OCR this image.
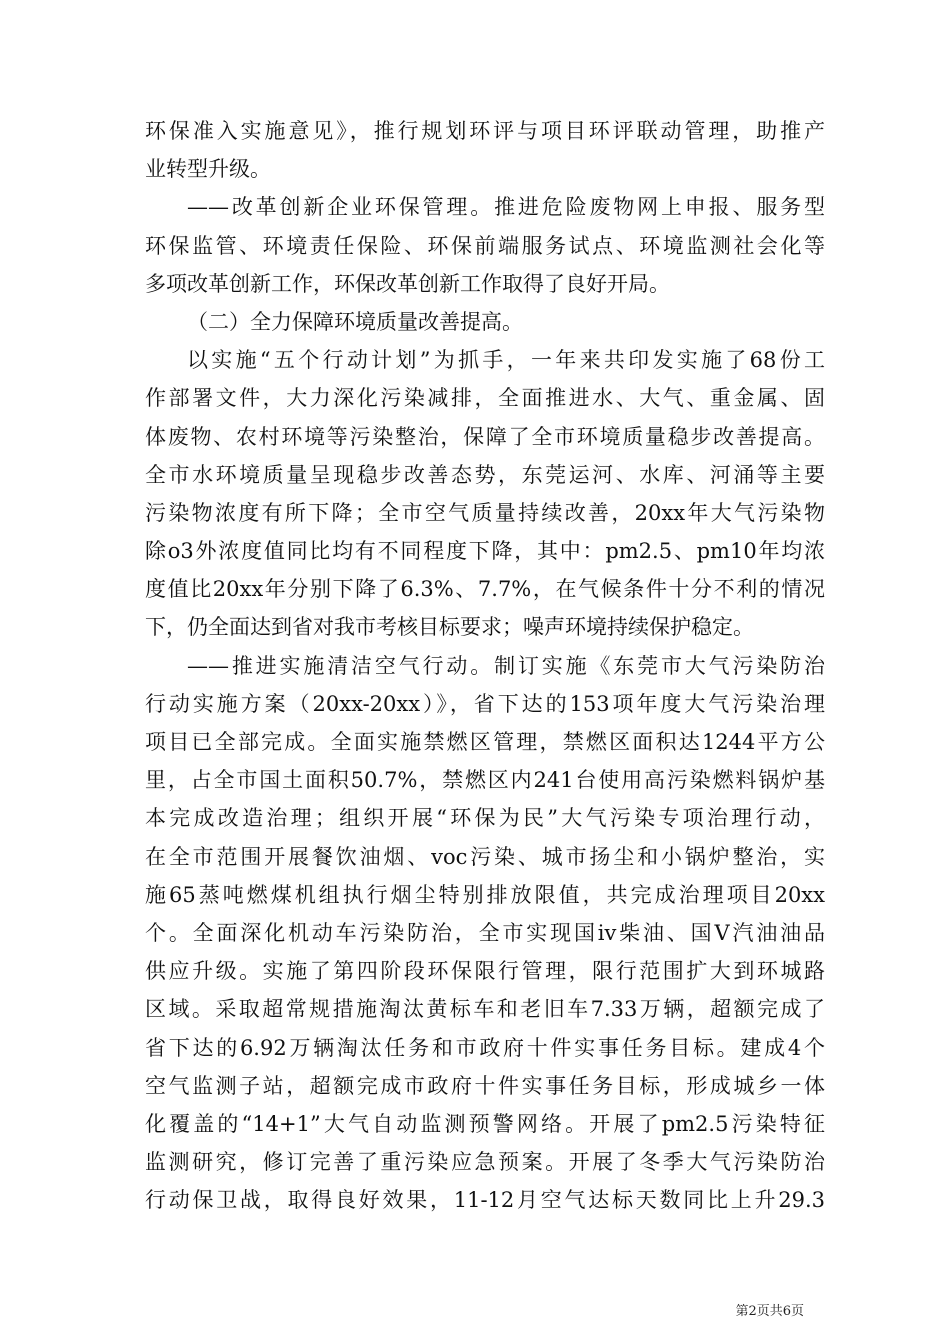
环保准入实施意见》，推行规划环评与项目环评联动管理，助推产
业转型升级。
——改革创新企业环保管理。推进危险废物网上申报、服务型
环保监管、环境责任保险、环保前端服务试点、环境监测社会化等
多项改革创新工作，环保改革创新工作取得了良好开局。
（二）全力保障环境质量改善提高。
以实施“五个行动计划”为抓手，一年来共印发实施了68份工
作部署文件，大力深化污染减排，全面推进水、大气、重金属、固
体废物、农村环境等污染整治，保障了全市环境质量稳步改善提高。
全市水环境质量呈现稳步改善态势，东莞运河、水库、河涌等主要
污染物浓度有所下降；全市空气质量持续改善，20xx年大气污染物
除o3外浓度值同比均有不同程度下降，其中：pm2.5、pm10年均浓
度值比20xx年分别下降了6.3%、7.7%，在气候条件十分不利的情况
下，仍全面达到省对我市考核目标要求；噪声环境持续保护稳定。
——推进实施清洁空气行动。制订实施《东莞市大气污染防治
行动实施方案（20xx-20xx）》，省下达的153项年度大气污染治理
项目已全部完成。全面实施禁燃区管理，禁燃区面积达1244平方公
里，占全市国土面积50.7%，禁燃区内241台使用高污染燃料锅炉基
本完成改造治理；组织开展“环保为民”大气污染专项治理行动，
在全市范围开展餐饮油烟、voc污染、城市扬尘和小锅炉整治，实
施65蒸吨燃煤机组执行烟尘特别排放限值，共完成治理项目20xx
个。全面深化机动车污染防治，全市实现国iv柴油、国Ⅴ汽油油品
供应升级。实施了第四阶段环保限行管理，限行范围扩大到环城路
区域。采取超常规措施淘汰黄标车和老旧车7.33万辆，超额完成了
省下达的6.92万辆淘汰任务和市政府十件实事任务目标。建成4个
空气监测子站，超额完成市政府十件实事任务目标，形成城乡一体
化覆盖的“14+1”大气自动监测预警网络。开展了pm2.5污染特征
监测研究，修订完善了重污染应急预案。开展了冬季大气污染防治
行动保卫战，取得良好效果，11-12月空气达标天数同比上升29.3
第2页共6页
